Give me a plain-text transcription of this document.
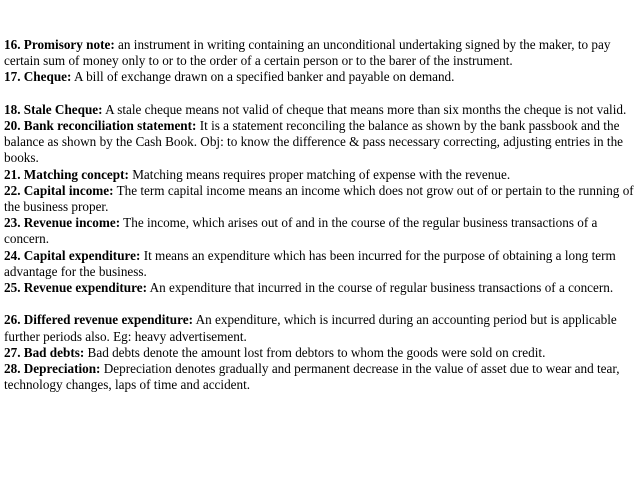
16. Promisory note: an instrument in writing containing an unconditional undertaking signed by the maker, to pay certain sum of money only to or to the order of a certain person or to the barer of the instrument.

17. Cheque: A bill of exchange drawn on a specified banker and payable on demand.

18. Stale Cheque: A stale cheque means not valid of cheque that means more than six months the cheque is not valid.

20. Bank reconciliation statement: It is a statement reconciling the balance as shown by the bank passbook and the balance as shown by the Cash Book. Obj: to know the difference & pass necessary correcting, adjusting entries in the books.

21. Matching concept: Matching means requires proper matching of expense with the revenue.

22. Capital income: The term capital income means an income which does not grow out of or pertain to the running of the business proper.

23. Revenue income: The income, which arises out of and in the course of the regular business transactions of a concern.

24. Capital expenditure: It means an expenditure which has been incurred for the purpose of obtaining a long term advantage for the business.

25. Revenue expenditure: An expenditure that incurred in the course of regular business transactions of a concern.

26. Differed revenue expenditure: An expenditure, which is incurred during an accounting period but is applicable further periods also. Eg: heavy advertisement.

27. Bad debts: Bad debts denote the amount lost from debtors to whom the goods were sold on credit.

28. Depreciation: Depreciation denotes gradually and permanent decrease in the value of asset due to wear and tear, technology changes, laps of time and accident.
